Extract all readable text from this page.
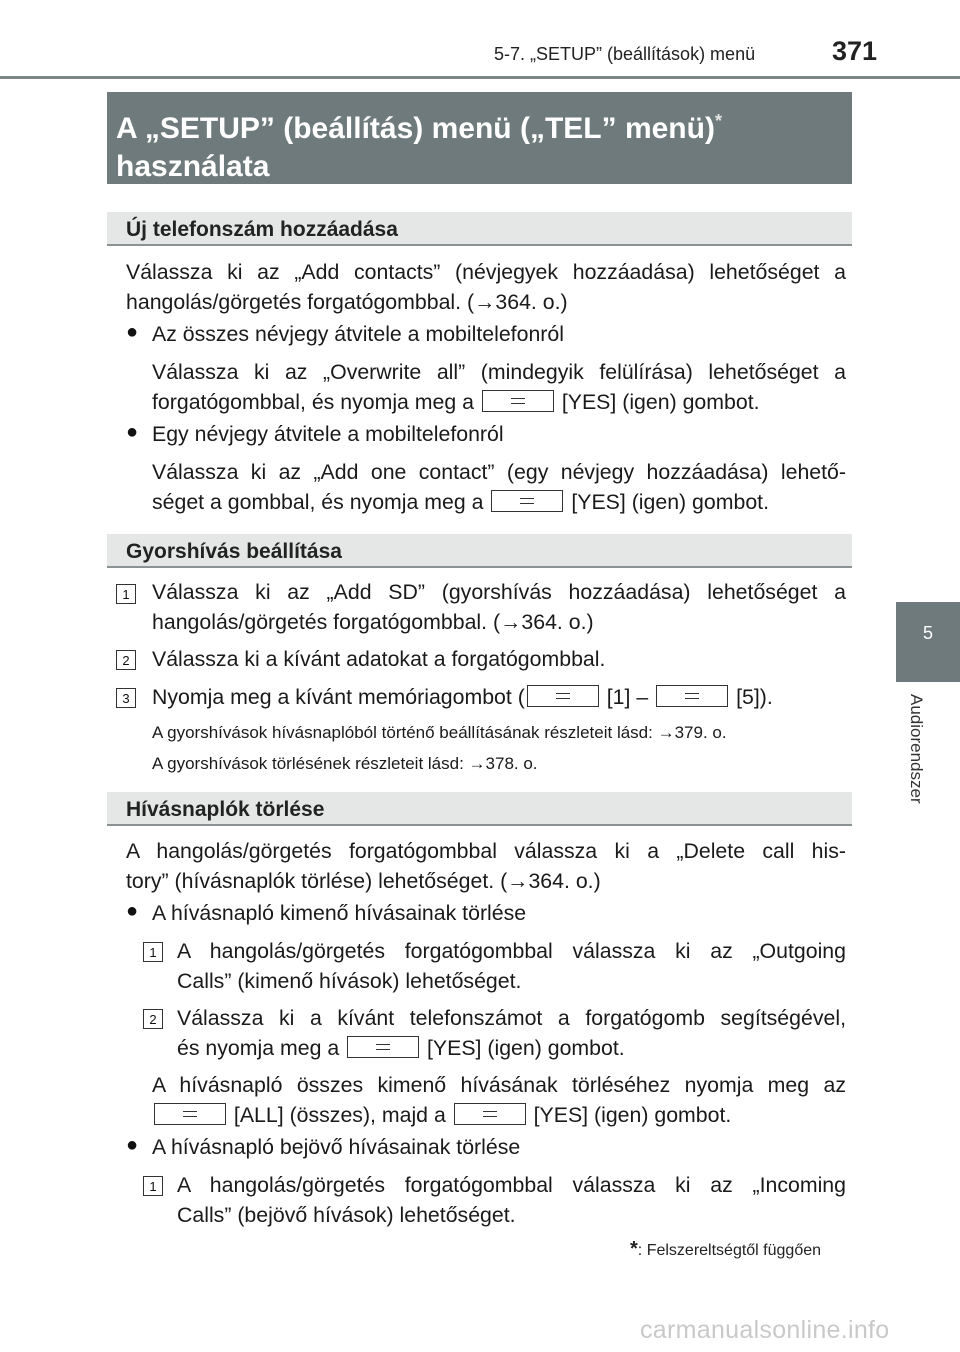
5-7. „SETUP” (beállítások) menü	371
5
Audiorendszer
A „SETUP” (beállítás) menü („TEL” menü)*
használata
Új telefonszám hozzáadása
Válassza ki az „Add contacts” (névjegyek hozzáadása) lehetőséget a
hangolás/görgetés forgatógombbal. (→364. o.)
● Az összes névjegy átvitele a mobiltelefonról
Válassza ki az „Overwrite all” (mindegyik felülírása) lehetőséget a
forgatógombbal, és nyomja meg a	[YES] (igen) gombot.
● Egy névjegy átvitele a mobiltelefonról
Válassza ki az „Add one contact” (egy névjegy hozzáadása) lehető-
séget a gombbal, és nyomja meg a	[YES] (igen) gombot.
Gyorshívás beállítása
1	Válassza ki az „Add SD” (gyorshívás hozzáadása) lehetőséget a
hangolás/görgetés forgatógombbal. (→364. o.)
2	Válassza ki a kívánt adatokat a forgatógombbal.
3	Nyomja meg a kívánt memóriagombot (	[1] –	[5]).
A gyorshívások hívásnaplóból történő beállításának részleteit lásd: →379. o.
A gyorshívások törlésének részleteit lásd: →378. o.
Hívásnaplók törlése
A hangolás/görgetés forgatógombbal válassza ki a „Delete call his-
tory” (hívásnaplók törlése) lehetőséget. (→364. o.)
● A hívásnapló kimenő hívásainak törlése
1 A hangolás/görgetés forgatógombbal válassza ki az „Outgoing
Calls” (kimenő hívások) lehetőséget.
2 Válassza ki a kívánt telefonszámot a forgatógomb segítségével,
és nyomja meg a	[YES] (igen) gombot.
A hívásnapló összes kimenő hívásának törléséhez nyomja meg az
[ALL] (összes), majd a	[YES] (igen) gombot.
● A hívásnapló bejövő hívásainak törlése
1 A hangolás/görgetés forgatógombbal válassza ki az „Incoming
Calls” (bejövő hívások) lehetőséget.
*: Felszereltségtől függően
carmanualsonline.info
